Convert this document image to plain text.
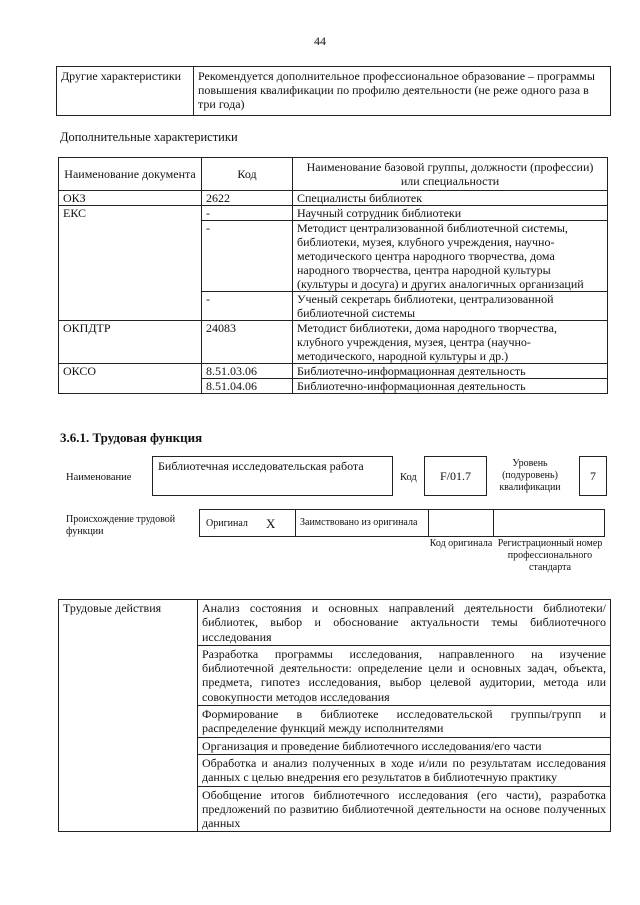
44
Другие характеристики	Рекомендуется дополнительное профессиональное образование – программы повышения квалификации по профилю деятельности (не реже одного раза в три года)
Дополнительные характеристики
Наименование документа	Код	Наименование базовой группы, должности (профессии) или специальности
ОКЗ	2622	Специалисты библиотек
ЕКС	-	Научный сотрудник библиотеки
	-	Методист централизованной библиотечной системы, библиотеки, музея, клубного учреждения, научно-методического центра народного творчества, дома народного творчества, центра народной культуры (культуры и досуга) и других аналогичных организаций
	-	Ученый секретарь библиотеки, централизованной библиотечной системы
ОКПДТР	24083	Методист библиотеки, дома народного творчества, клубного учреждения, музея, центра (научно-методического, народной культуры и др.)
ОКСО	8.51.03.06	Библиотечно-информационная деятельность
	8.51.04.06	Библиотечно-информационная деятельность
3.6.1. Трудовая функция
Наименование
Библиотечная исследовательская работа
Код F/01.7
Уровень (подуровень) квалификации
7
Происхождение трудовой функции
Оригинал X	Заимствовано из оригинала
Код оригинала Регистрационный номер профессионального стандарта
Трудовые действия	Анализ состояния и основных направлений деятельности библиотеки/библиотек, выбор и обоснование актуальности темы библиотечного исследования
Разработка программы исследования, направленного на изучение библиотечной деятельности: определение цели и основных задач, объекта, предмета, гипотез исследования, выбор целевой аудитории, метода или совокупности методов исследования
Формирование в библиотеке исследовательской группы/групп и распределение функций между исполнителями
Организация и проведение библиотечного исследования/его части
Обработка и анализ полученных в ходе и/или по результатам исследования данных с целью внедрения его результатов в библиотечную практику
Обобщение итогов библиотечного исследования (его части), разработка предложений по развитию библиотечной деятельности на основе полученных данных
